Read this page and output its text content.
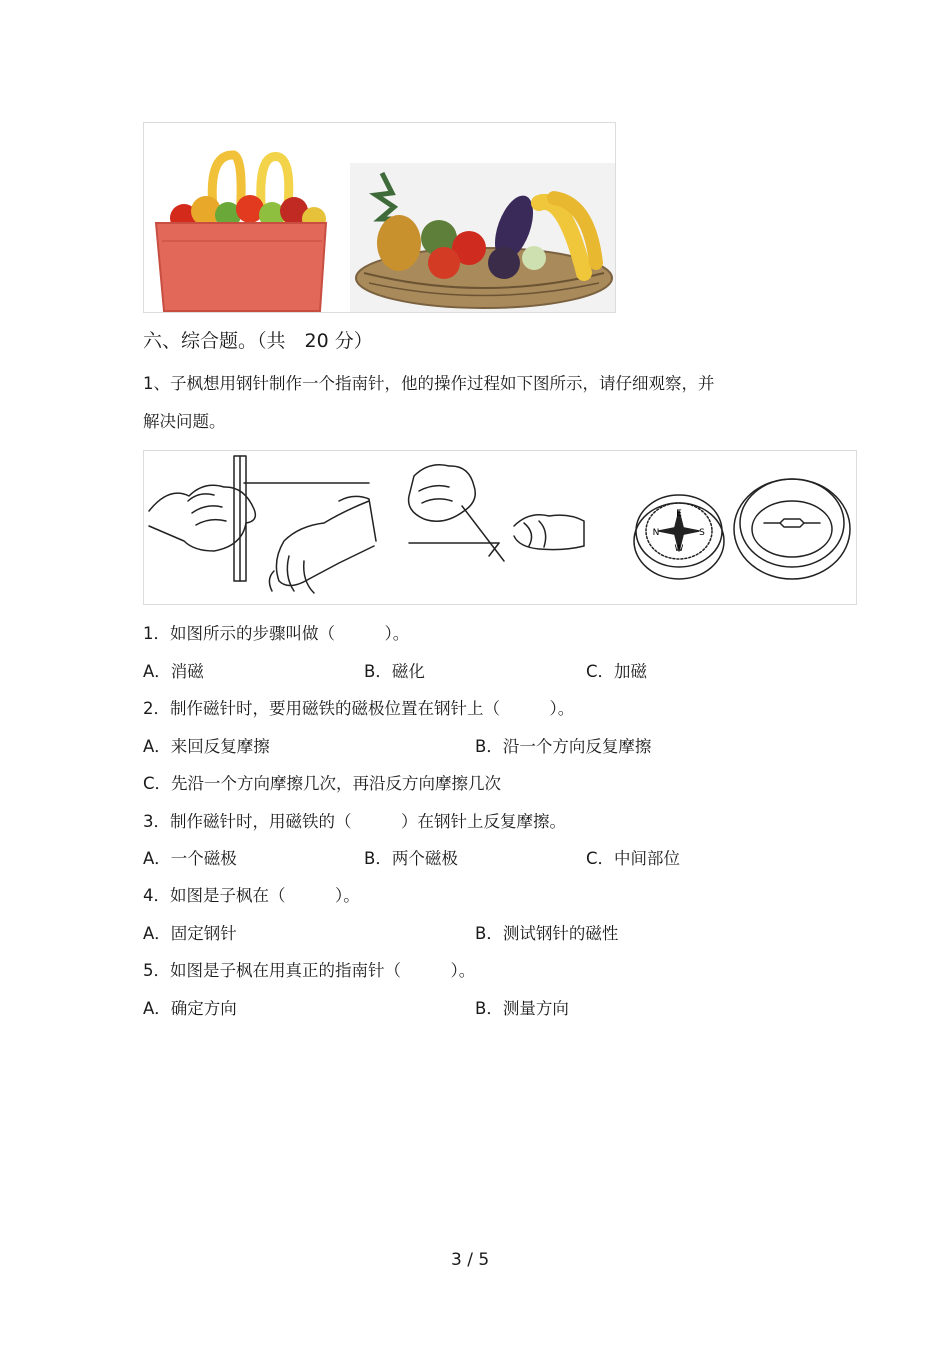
六、综合题。（共　20 分）
1、子枫想用钢针制作一个指南针，他的操作过程如下图所示，请仔细观察，并
解决问题。
E
W
N	S
1．如图所示的步骤叫做（　　　）。
A．消磁	B．磁化	C．加磁
2．制作磁针时，要用磁铁的磁极位置在钢针上（　　　）。
A．来回反复摩擦	B．沿一个方向反复摩擦
C．先沿一个方向摩擦几次，再沿反方向摩擦几次
3．制作磁针时，用磁铁的（　　　）在钢针上反复摩擦。
A．一个磁极	B．两个磁极	C．中间部位
4．如图是子枫在（　　　）。
A．固定钢针	B．测试钢针的磁性
5．如图是子枫在用真正的指南针（　　　）。
A．确定方向	B．测量方向
3 / 5
